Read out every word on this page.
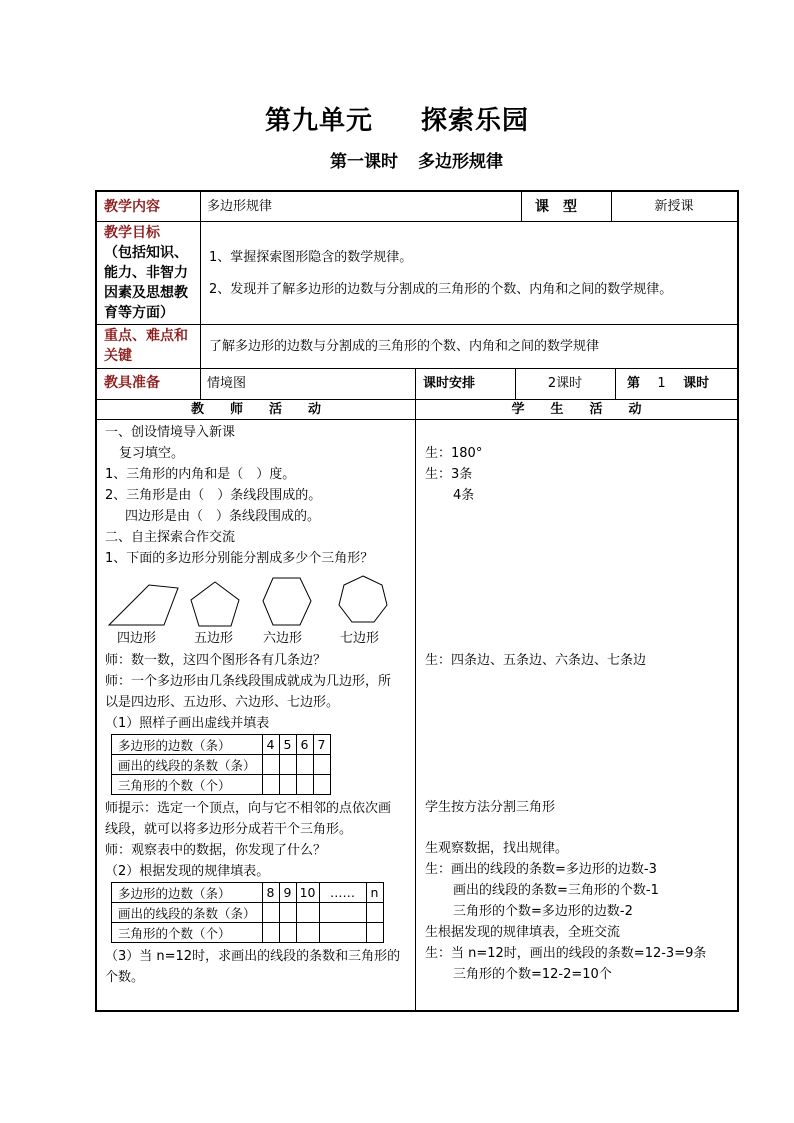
第九单元 探索乐园
第一课时 多边形规律
教学内容	多边形规律	课　型	新授课
教学目标
（包括知识、
能力、非智力
因素及思想教
育等方面）
1、掌握探索图形隐含的数学规律。
2、发现并了解多边形的边数与分割成的三角形的个数、内角和之间的数学规律。
重点、难点和
关键
了解多边形的边数与分割成的三角形的个数、内角和之间的数学规律
教具准备	情境图	课时安排	2课时	第 1 课时
教　　师　　活　　动	学　　生　　活　　动
一、创设情境导入新课
复习填空。
1、三角形的内角和是（　）度。
2、三角形是由（　）条线段围成的。
四边形是由（　）条线段围成的。
二、自主探索合作交流
1、下面的多边形分别能分割成多少个三角形？
四边形	五边形 六边形	七边形
师：数一数，这四个图形各有几条边？
师：一个多边形由几条线段围成就成为几边形，所
以是四边形、五边形、六边形、七边形。
（1）照样子画出虚线并填表
多边形的边数（条）	4	5	6	7
画出的线段的条数（条）				
三角形的个数（个）				
师提示：选定一个顶点，向与它不相邻的点依次画
线段，就可以将多边形分成若干个三角形。
师：观察表中的数据，你发现了什么？
（2）根据发现的规律填表。
多边形的边数（条）	8	9	10	……	n
画出的线段的条数（条）					
三角形的个数（个）					
（3）当 n=12时，求画出的线段的条数和三角形的
个数。
生：180°
生：3条
4条
生：四条边、五条边、六条边、七条边
学生按方法分割三角形
生观察数据，找出规律。
生：画出的线段的条数=多边形的边数-3
画出的线段的条数=三角形的个数-1
三角形的个数=多边形的边数-2
生根据发现的规律填表，全班交流
生：当 n=12时，画出的线段的条数=12-3=9条
三角形的个数=12-2=10个
